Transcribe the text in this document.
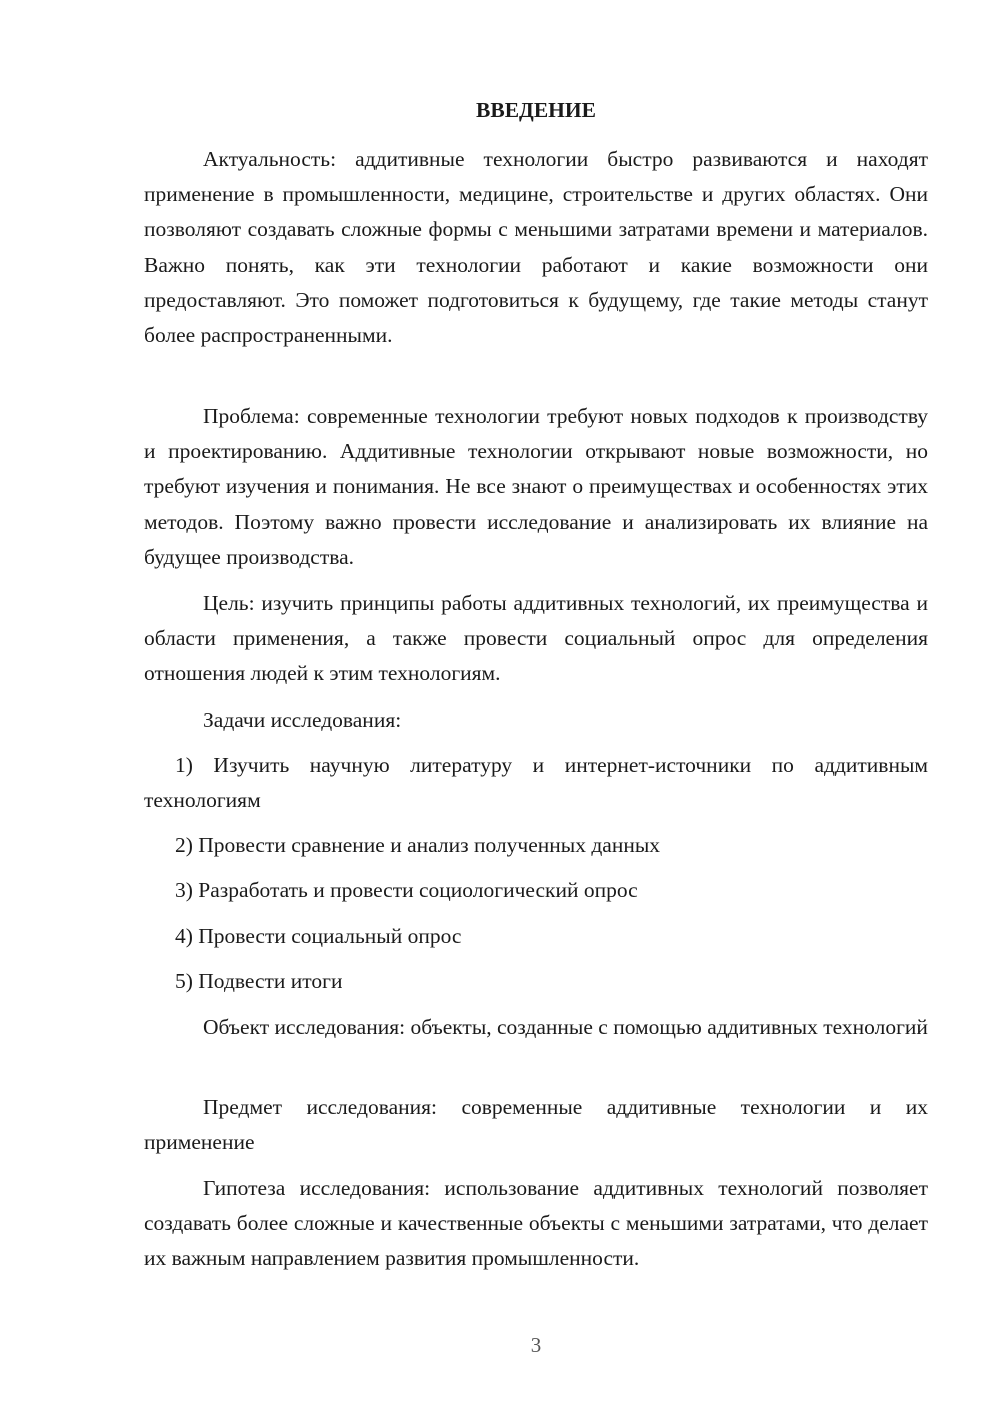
ВВЕДЕНИЕ

Актуальность: аддитивные технологии быстро развиваются и находят применение в промышленности, медицине, строительстве и других областях. Они позволяют создавать сложные формы с меньшими затратами времени и материалов. Важно понять, как эти технологии работают и какие возможности они предоставляют. Это поможет подготовиться к будущему, где такие методы станут более распространенными.

Проблема: современные технологии требуют новых подходов к производству и проектированию. Аддитивные технологии открывают новые возможности, но требуют изучения и понимания. Не все знают о преимуществах и особенностях этих методов. Поэтому важно провести исследование и анализировать их влияние на будущее производства.

Цель: изучить принципы работы аддитивных технологий, их преимущества и области применения, а также провести социальный опрос для определения отношения людей к этим технологиям.

Задачи исследования:

1) Изучить научную литературу и интернет-источники по аддитивным технологиям

2) Провести сравнение и анализ полученных данных

3) Разработать и провести социологический опрос

4) Провести социальный опрос

5) Подвести итоги

Объект исследования: объекты, созданные с помощью аддитивных технологий

Предмет исследования: современные аддитивные технологии и их применение

Гипотеза исследования: использование аддитивных технологий позволяет создавать более сложные и качественные объекты с меньшими затратами, что делает их важным направлением развития промышленности.

3
